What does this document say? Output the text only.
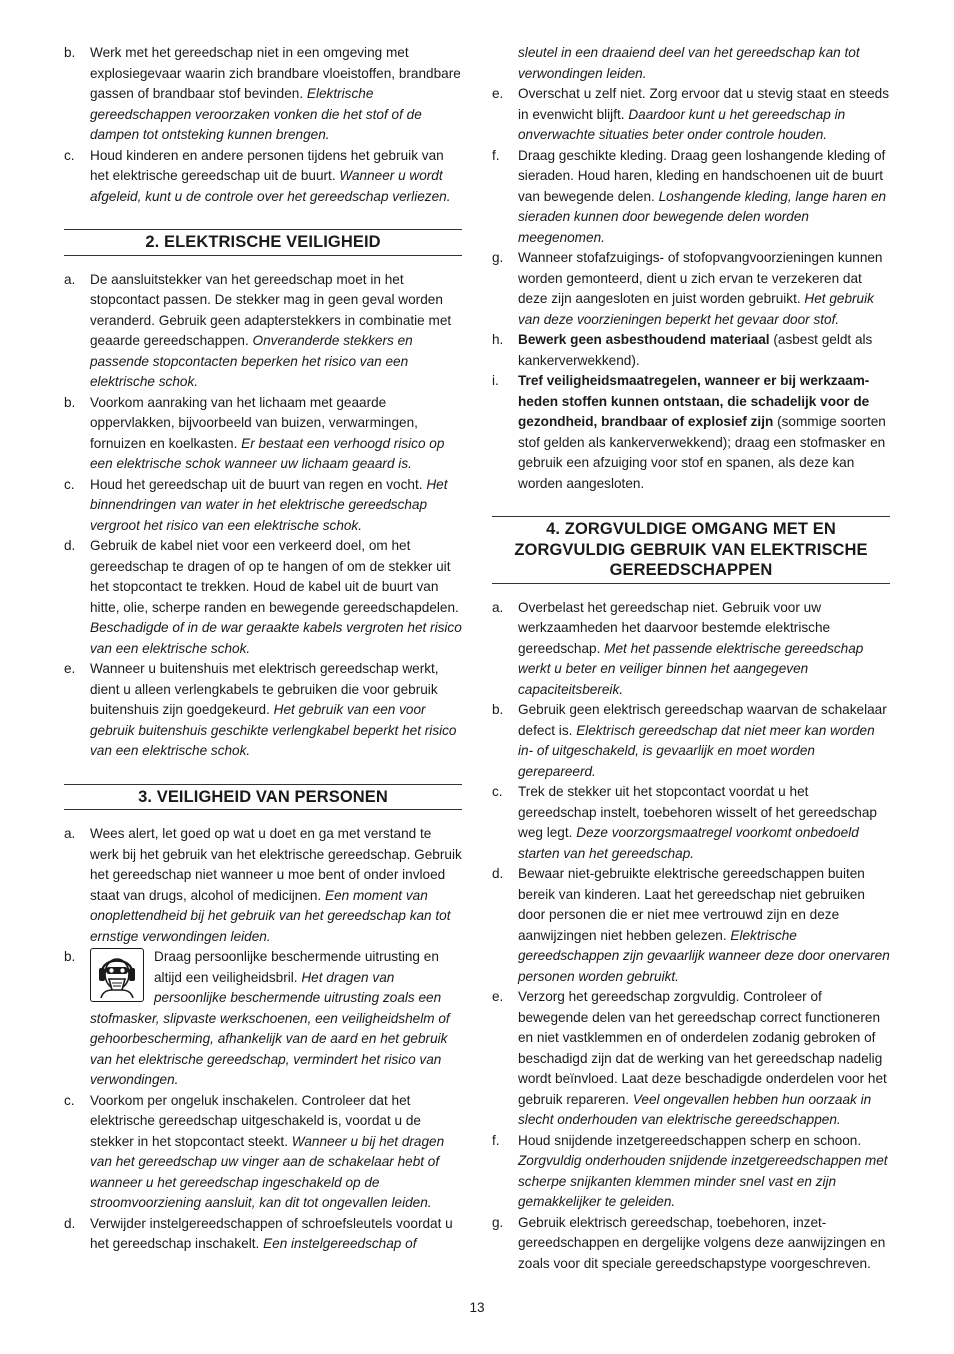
b.	Werk met het gereedschap niet in een omgeving met explosiegevaar waarin zich brandbare vloeistoffen, brandbare gassen of brandbaar stof bevinden. Elektrische gereedschappen veroorzaken vonken die het stof of de dampen tot ontsteking kunnen brengen.
c.	Houd kinderen en andere personen tijdens het gebruik van het elektrische gereedschap uit de buurt. Wanneer u wordt afgeleid, kunt u de controle over het gereedschap verliezen.
2. ELEKTRISCHE VEILIGHEID
a.	De aansluitstekker van het gereedschap moet in het stopcontact passen. De stekker mag in geen geval worden veranderd. Gebruik geen adapterstekkers in combinatie met geaarde gereedschappen. Onveranderde stekkers en passende stopcontacten beperken het risico van een elektrische schok.
b.	Voorkom aanraking van het lichaam met geaarde oppervlakken, bijvoorbeeld van buizen, verwarmingen, fornuizen en koelkasten. Er bestaat een verhoogd risico op een elektrische schok wanneer uw lichaam geaard is.
c.	Houd het gereedschap uit de buurt van regen en vocht. Het binnendringen van water in het elektrische gereedschap vergroot het risico van een elektrische schok.
d.	Gebruik de kabel niet voor een verkeerd doel, om het gereedschap te dragen of op te hangen of om de stekker uit het stopcontact te trekken. Houd de kabel uit de buurt van hitte, olie, scherpe randen en bewegende gereedschapdelen. Beschadigde of in de war geraakte kabels vergroten het risico van een elektrische schok.
e.	Wanneer u buitenshuis met elektrisch gereedschap werkt, dient u alleen verlengkabels te gebruiken die voor gebruik buitenshuis zijn goedgekeurd. Het gebruik van een voor gebruik buitenshuis geschikte verlengkabel beperkt het risico van een elektrische schok.
3. VEILIGHEID VAN PERSONEN
a.	Wees alert, let goed op wat u doet en ga met verstand te werk bij het gebruik van het elektrische gereedschap. Gebruik het gereedschap niet wanneer u moe bent of onder invloed staat van drugs, alcohol of medicijnen. Een moment van onoplettendheid bij het gebruik van het gereedschap kan tot ernstige verwondingen leiden.
b.	Draag persoonlijke beschermende uitrusting en altijd een veiligheidsbril. Het dragen van persoonlijke beschermende uitrusting zoals een stofmasker, slipvaste werkschoenen, een veiligheidshelm of gehoorbescherming, afhankelijk van de aard en het gebruik van het elektrische gereedschap, vermindert het risico van verwondingen.
c.	Voorkom per ongeluk inschakelen. Controleer dat het elektrische gereedschap uitgeschakeld is, voordat u de stekker in het stopcontact steekt. Wanneer u bij het dragen van het gereedschap uw vinger aan de schakelaar hebt of wanneer u het gereedschap ingeschakeld op de stroomvoorziening aansluit, kan dit tot ongevallen leiden.
d.	Verwijder instelgereedschappen of schroefsleutels voordat u het gereedschap inschakelt. Een instelgereedschap of
sleutel in een draaiend deel van het gereedschap kan tot verwondingen leiden.
e.	Overschat u zelf niet. Zorg ervoor dat u stevig staat en steeds in evenwicht blijft. Daardoor kunt u het gereedschap in onverwachte situaties beter onder controle houden.
f.	Draag geschikte kleding. Draag geen loshangende kleding of sieraden. Houd haren, kleding en handschoenen uit de buurt van bewegende delen. Loshangende kleding, lange haren en sieraden kunnen door bewegende delen worden meegenomen.
g.	Wanneer stofafzuigings- of stofopvangvoorzieningen kunnen worden gemonteerd, dient u zich ervan te verzekeren dat deze zijn aangesloten en juist worden gebruikt. Het gebruik van deze voorzieningen beperkt het gevaar door stof.
h.	Bewerk geen asbesthoudend materiaal (asbest geldt als kankerverwekkend).
i.	Tref veiligheidsmaatregelen, wanneer er bij werkzaam-heden stoffen kunnen ontstaan, die schadelijk voor de gezondheid, brandbaar of explosief zijn (sommige soorten stof gelden als kankerverwekkend); draag een stofmasker en gebruik een afzuiging voor stof en spanen, als deze kan worden aangesloten.
4. ZORGVULDIGE OMGANG MET EN
ZORGVULDIG GEBRUIK VAN ELEKTRISCHE
GEREEDSCHAPPEN
a.	Overbelast het gereedschap niet. Gebruik voor uw werkzaamheden het daarvoor bestemde elektrische gereedschap. Met het passende elektrische gereedschap werkt u beter en veiliger binnen het aangegeven capaciteitsbereik.
b.	Gebruik geen elektrisch gereedschap waarvan de schakelaar defect is. Elektrisch gereedschap dat niet meer kan worden in- of uitgeschakeld, is gevaarlijk en moet worden gerepareerd.
c.	Trek de stekker uit het stopcontact voordat u het gereedschap instelt, toebehoren wisselt of het gereedschap weg legt. Deze voorzorgsmaatregel voorkomt onbedoeld starten van het gereedschap.
d.	Bewaar niet-gebruikte elektrische gereedschappen buiten bereik van kinderen. Laat het gereedschap niet gebruiken door personen die er niet mee vertrouwd zijn en deze aanwijzingen niet hebben gelezen. Elektrische gereedschappen zijn gevaarlijk wanneer deze door onervaren personen worden gebruikt.
e.	Verzorg het gereedschap zorgvuldig. Controleer of bewegende delen van het gereedschap correct functioneren en niet vastklemmen en of onderdelen zodanig gebroken of beschadigd zijn dat de werking van het gereedschap nadelig wordt beïnvloed. Laat deze beschadigde onderdelen voor het gebruik repareren. Veel ongevallen hebben hun oorzaak in slecht onderhouden van elektrische gereedschappen.
f.	Houd snijdende inzetgereedschappen scherp en schoon. Zorgvuldig onderhouden snijdende inzetgereedschappen met scherpe snijkanten klemmen minder snel vast en zijn gemakkelijker te geleiden.
g.	Gebruik elektrisch gereedschap, toebehoren, inzet-gereedschappen en dergelijke volgens deze aanwijzingen en zoals voor dit speciale gereedschapstype voorgeschreven.
13
